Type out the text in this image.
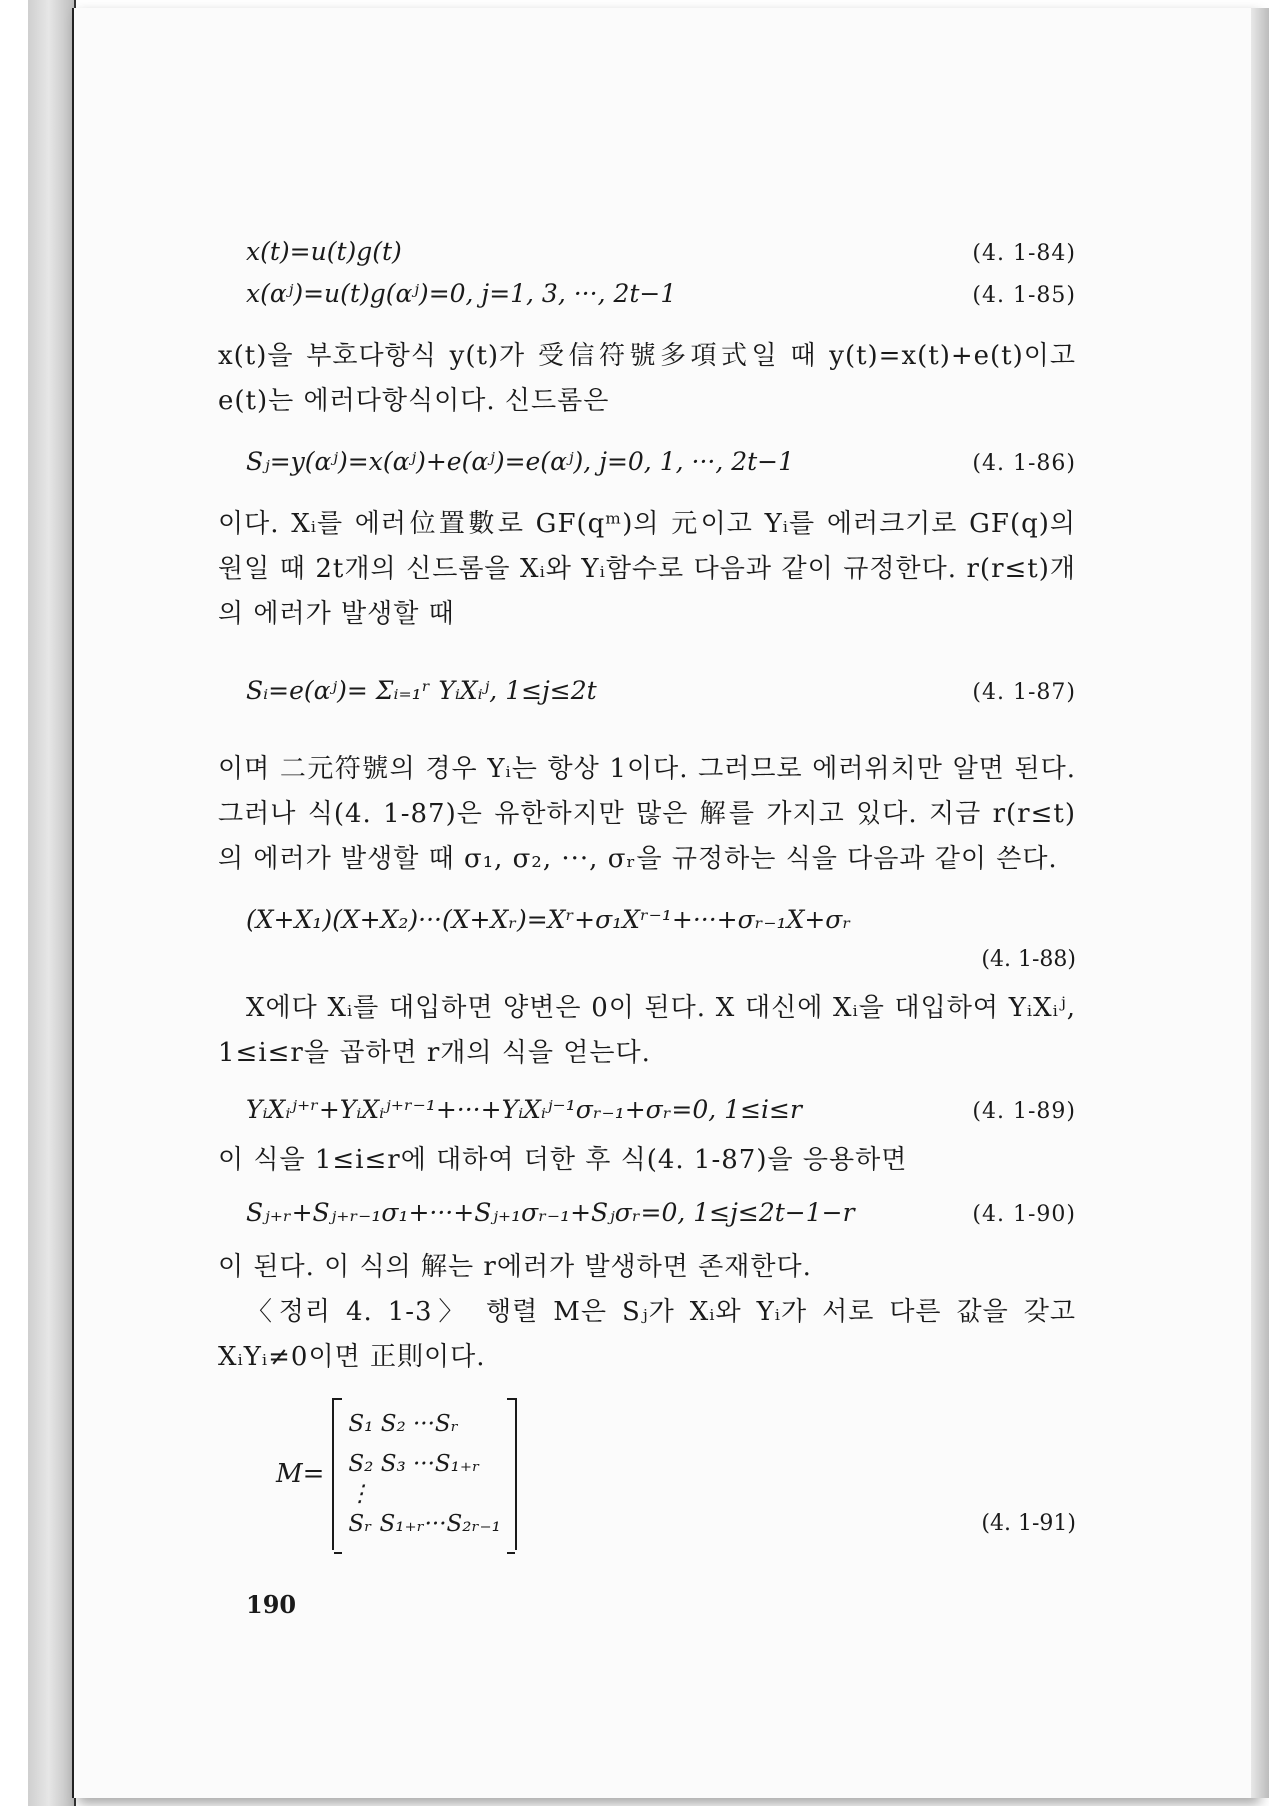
x(t)=u(t)g(t)	(4. 1-84)
x(αʲ)=u(t)g(αʲ)=0, j=1, 3, ···, 2t−1	(4. 1-85)

x(t)을 부호다항식 y(t)가 受信符號多項式일 때 y(t)=x(t)+e(t)이고 e(t)는 에러다항식이다. 신드롬은

Sⱼ=y(αʲ)=x(αʲ)+e(αʲ)=e(αʲ), j=0, 1, ···, 2t−1	(4. 1-86)

이다. Xᵢ를 에러位置數로 GF(qᵐ)의 元이고 Yᵢ를 에러크기로 GF(q)의 원일 때 2t개의 신드롬을 Xᵢ와 Yᵢ함수로 다음과 같이 규정한다. r(r≤t)개의 에러가 발생할 때

Sᵢ=e(αʲ)= Σᵢ₌₁ʳ YᵢXᵢʲ, 1≤j≤2t	(4. 1-87)

이며 二元符號의 경우 Yᵢ는 항상 1이다. 그러므로 에러위치만 알면 된다. 그러나 식(4. 1-87)은 유한하지만 많은 解를 가지고 있다. 지금 r(r≤t)의 에러가 발생할 때 σ₁, σ₂, ···, σᵣ을 규정하는 식을 다음과 같이 쓴다.

(X+X₁)(X+X₂)···(X+Xᵣ)=Xʳ+σ₁Xʳ⁻¹+···+σᵣ₋₁X+σᵣ
(4. 1-88)

X에다 Xᵢ를 대입하면 양변은 0이 된다. X 대신에 Xᵢ을 대입하여 YᵢXᵢʲ, 1≤i≤r을 곱하면 r개의 식을 얻는다.

YᵢXᵢʲ⁺ʳ+YᵢXᵢʲ⁺ʳ⁻¹+···+YᵢXᵢʲ⁻¹σᵣ₋₁+σᵣ=0, 1≤i≤r	(4. 1-89)

이 식을 1≤i≤r에 대하여 더한 후 식(4. 1-87)을 응용하면

Sⱼ₊ᵣ+Sⱼ₊ᵣ₋₁σ₁+···+Sⱼ₊₁σᵣ₋₁+Sⱼσᵣ=0, 1≤j≤2t−1−r	(4. 1-90)

이 된다. 이 식의 解는 r에러가 발생하면 존재한다.

〈정리 4. 1-3〉 행렬 M은 Sⱼ가 Xᵢ와 Yᵢ가 서로 다른 값을 갖고 XᵢYᵢ≠0이면 正則이다.

M=
S₁ S₂ ···Sᵣ
S₂ S₃ ···S₁₊ᵣ
⋮
Sᵣ S₁₊ᵣ···S₂ᵣ₋₁	(4. 1-91)
190
